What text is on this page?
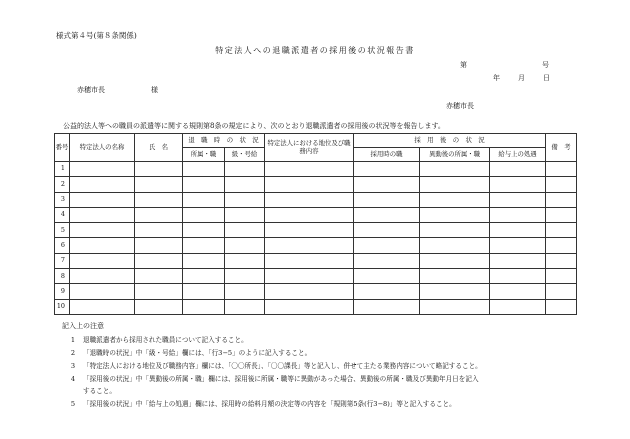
様式第４号(第８条関係)
特定法人への退職派遣者の採用後の状況報告書
第	号
年	月	日
赤穂市長	様
赤穂市長
公益的法人等への職員の派遣等に関する規則第8条の規定により、次のとおり退職派遣者の採用後の状況等を報告します。
番号	特定法人の名称	氏　名	退　職　時　の　状　況		特定法人における地位及び職務内容	採　用　後　の　状　況			備　考
			所属・職	級・号給		採用時の職	異動後の所属・職	給与上の処遇	
1									
2									
3									
4									
5									
6									
7									
8									
9									
10									
記入上の注意
1 退職派遣者から採用された職員について記入すること。
2 「退職時の状況」中「級・号給」欄には、「行3−5」のように記入すること。
3 「特定法人における地位及び職務内容」欄には、「〇〇所長」、「〇〇課長」等と記入し、併せて主たる業務内容について略記すること。
4 「採用後の状況」中「異動後の所属・職」欄には、採用後に所属・職等に異動があった場合、異動後の所属・職及び異動年月日を記入
すること。
5 「採用後の状況」中「給与上の処遇」欄には、採用時の給料月額の決定等の内容を「規則第5条(行3−8)」等と記入すること。
